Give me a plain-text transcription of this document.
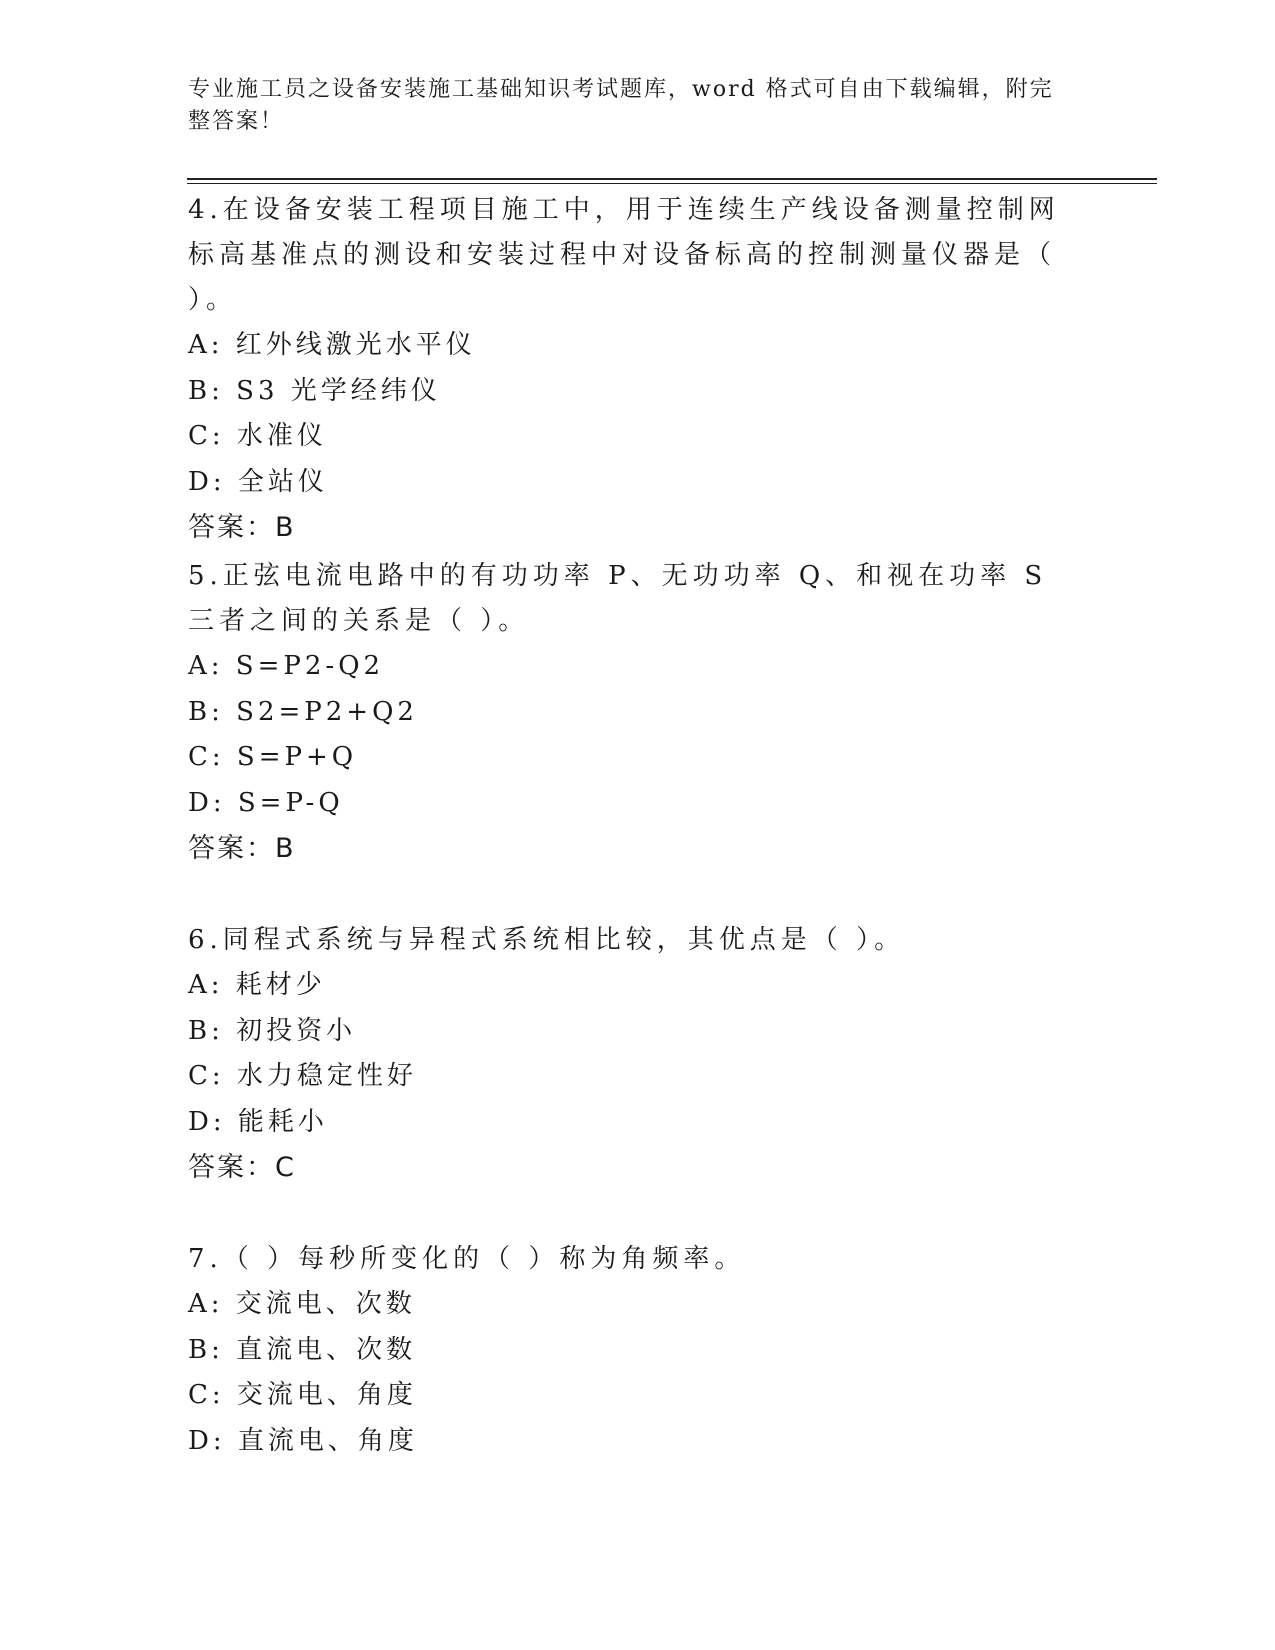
专业施工员之设备安装施工基础知识考试题库，word 格式可自由下载编辑，附完整答案！

4.在设备安装工程项目施工中，用于连续生产线设备测量控制网标高基准点的测设和安装过程中对设备标高的控制测量仪器是（ ）。

A: 红外线激光水平仪

B: S3 光学经纬仪

C: 水准仪

D: 全站仪

答案：B

5.正弦电流电路中的有功功率 P、无功功率 Q、和视在功率 S 三者之间的关系是（ ）。

A: S=P2-Q2

B: S2=P2+Q2

C: S=P+Q

D: S=P-Q

答案：B

6.同程式系统与异程式系统相比较，其优点是（ ）。

A: 耗材少

B: 初投资小

C: 水力稳定性好

D: 能耗小

答案：C

7.（ ）每秒所变化的（ ）称为角频率。

A: 交流电、次数

B: 直流电、次数

C: 交流电、角度

D: 直流电、角度
